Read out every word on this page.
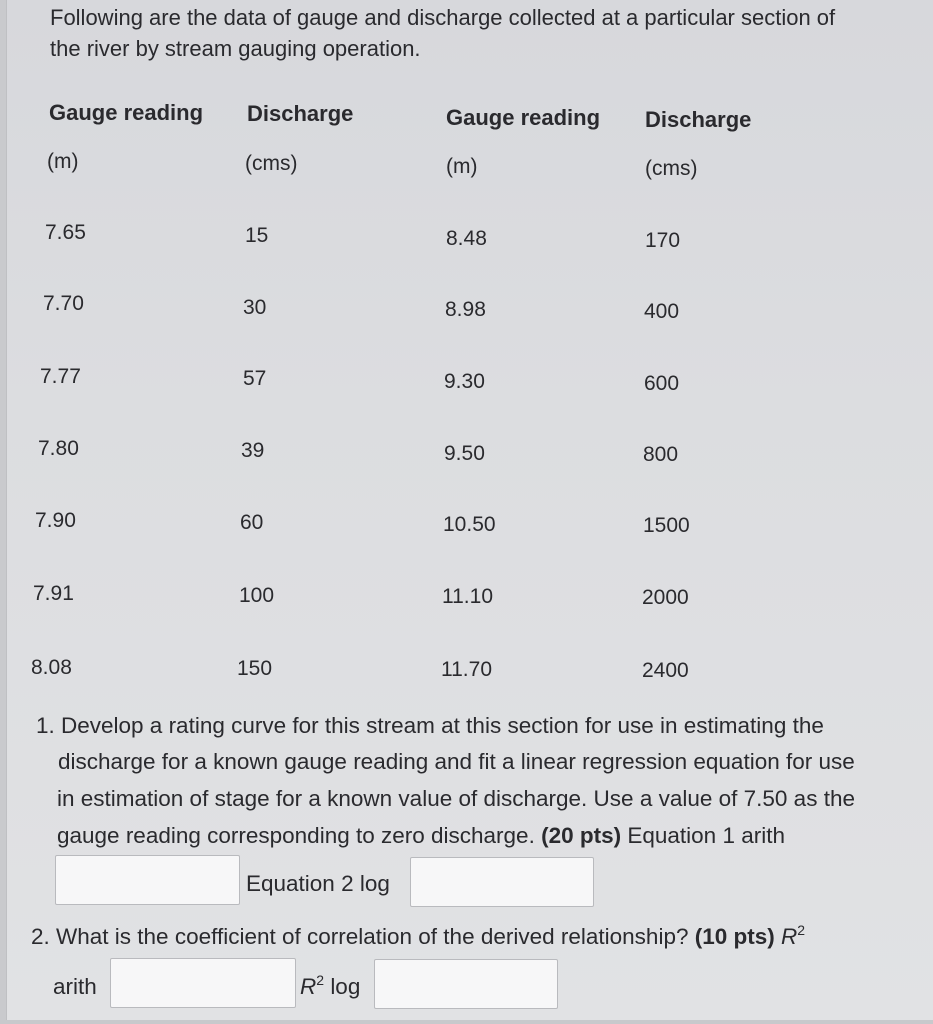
Following are the data of gauge and discharge collected at a particular section of
the river by stream gauging operation.
Gauge reading Discharge	Gauge reading Discharge
(m)	(cms)	(m)	(cms)
7.65	15	8.48	170
7.70	30	8.98	400
7.77	57	9.30	600
7.80	39	9.50	800
7.90	60	10.50	1500
7.91	100	11.10	2000
8.08	150	11.70	2400
1. Develop a rating curve for this stream at this section for use in estimating the
discharge for a known gauge reading and fit a linear regression equation for use
in estimation of stage for a known value of discharge. Use a value of 7.50 as the
gauge reading corresponding to zero discharge. (20 pts) Equation 1 arith
Equation 2 log
2. What is the coefficient of correlation of the derived relationship? (10 pts) $R^2$
arith	$R^2$ log
